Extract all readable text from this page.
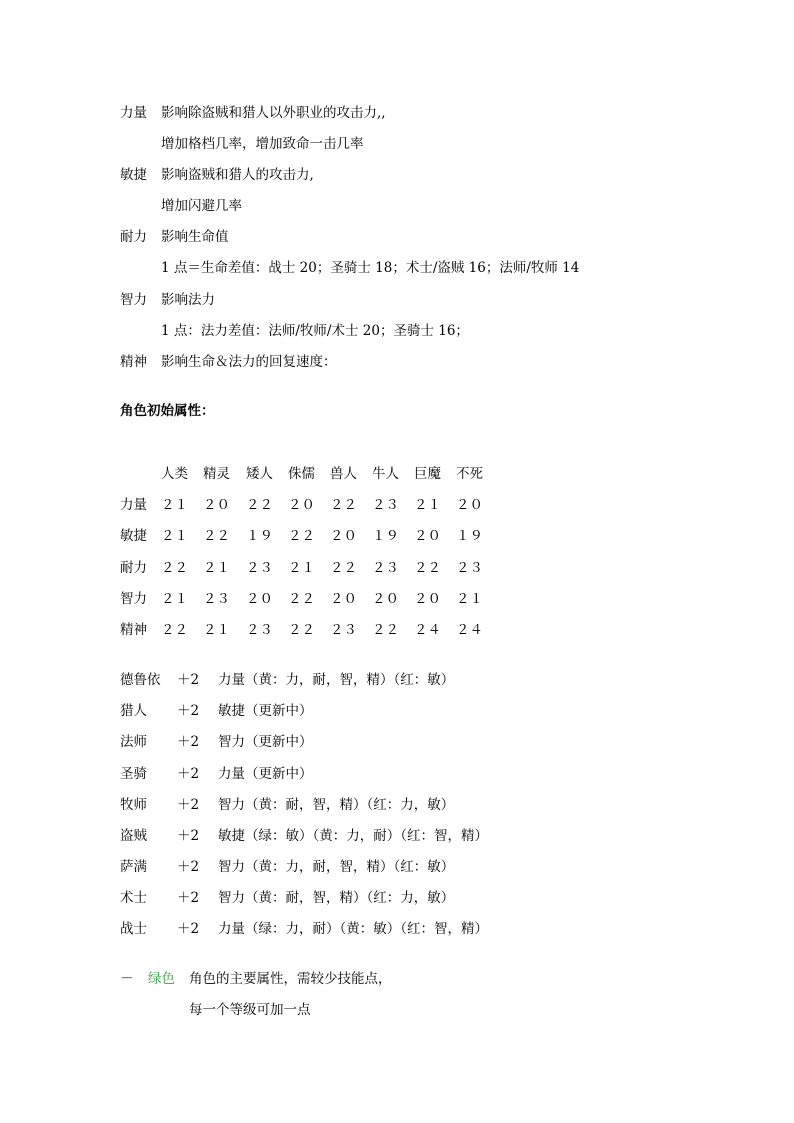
力量 影响除盗贼和猎人以外职业的攻击力,,
增加格档几率，增加致命一击几率
敏捷 影响盗贼和猎人的攻击力,
增加闪避几率
耐力 影响生命值
1 点＝生命差值：战士 20；圣骑士 18；术士/盗贼 16；法师/牧师 14
智力 影响法力
1 点：法力差值：法师/牧师/术士 20；圣骑士 16；
精神 影响生命＆法力的回复速度：
角色初始属性：
人类 精灵 矮人 侏儒 兽人 牛人 巨魔 不死
力量 ２１ ２０ ２２ ２０ ２２ ２３ ２１ ２０
敏捷 ２１ ２２ １９ ２２ ２０ １９ ２０ １９
耐力 ２２ ２１ ２３ ２１ ２２ ２３ ２２ ２３
智力 ２１ ２３ ２０ ２２ ２０ ２０ ２０ ２１
精神 ２２ ２１ ２３ ２２ ２３ ２２ ２４ ２４
德鲁依 ＋2 力量（黄：力，耐，智，精）（红：敏）
猎人 ＋2 敏捷（更新中）
法师 ＋2 智力（更新中）
圣骑 ＋2 力量（更新中）
牧师 ＋2 智力（黄：耐，智，精）（红：力，敏）
盗贼 ＋2 敏捷（绿：敏）（黄：力，耐）（红：智，精）
萨满 ＋2 智力（黄：力，耐，智，精）（红：敏）
术士 ＋2 智力（黄：耐，智，精）（红：力，敏）
战士 ＋2 力量（绿：力，耐）（黄：敏）（红：智，精）
－ 绿色 角色的主要属性，需较少技能点，
每一个等级可加一点
